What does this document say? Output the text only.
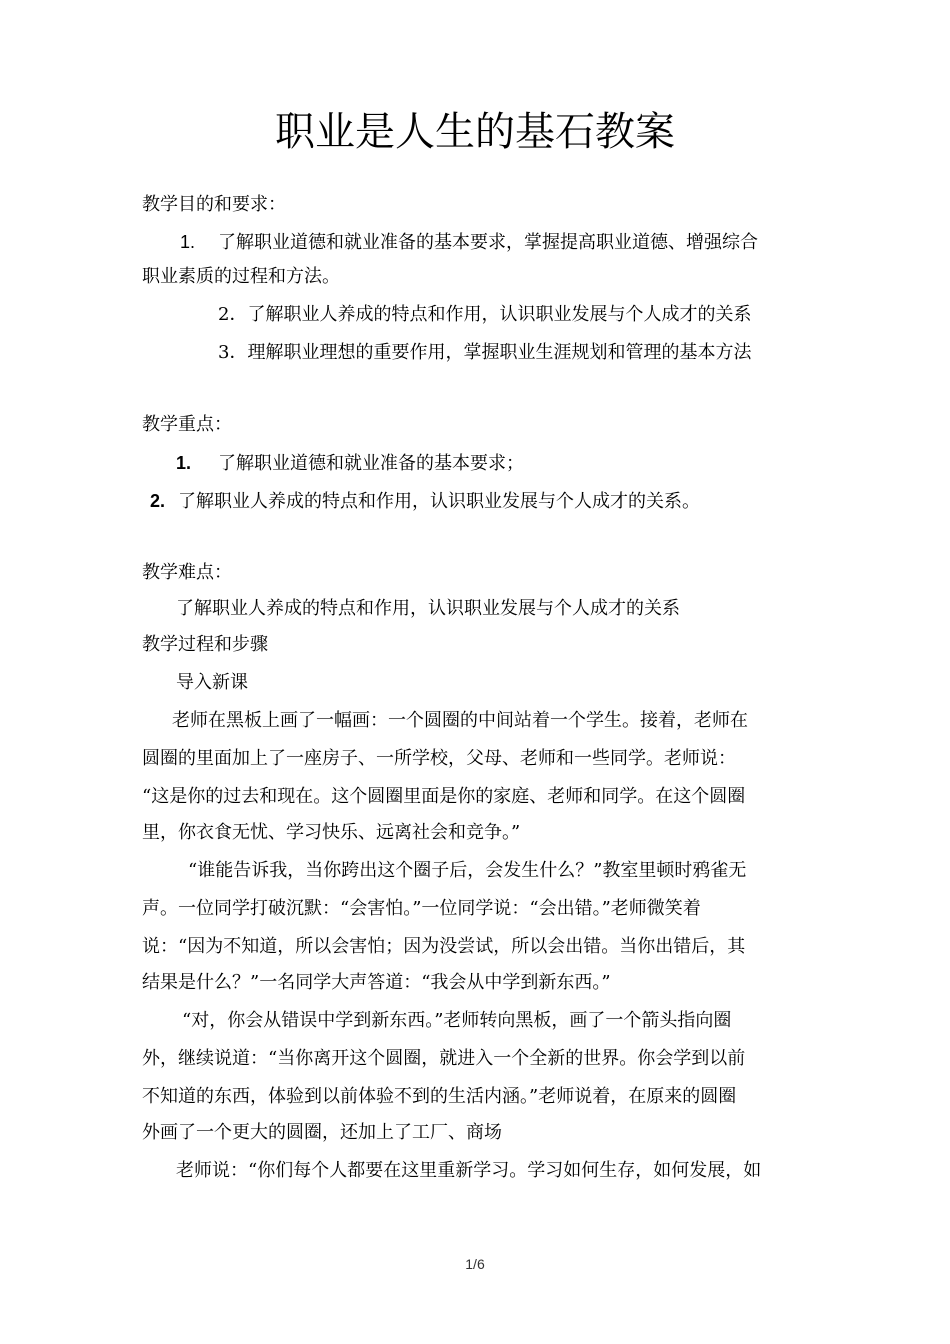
职业是人生的基石教案
教学目的和要求：
1. 了解职业道德和就业准备的基本要求，掌握提高职业道德、增强综合
职业素质的过程和方法。
2．了解职业人养成的特点和作用，认识职业发展与个人成才的关系
3．理解职业理想的重要作用，掌握职业生涯规划和管理的基本方法
教学重点：
1. 了解职业道德和就业准备的基本要求；
2. 了解职业人养成的特点和作用，认识职业发展与个人成才的关系。
教学难点：
了解职业人养成的特点和作用，认识职业发展与个人成才的关系
教学过程和步骤
导入新课
老师在黑板上画了一幅画：一个圆圈的中间站着一个学生。接着，老师在
圆圈的里面加上了一座房子、一所学校，父母、老师和一些同学。老师说：
“这是你的过去和现在。这个圆圈里面是你的家庭、老师和同学。在这个圆圈
里，你衣食无忧、学习快乐、远离社会和竞争。”
“谁能告诉我，当你跨出这个圈子后，会发生什么？”教室里顿时鸦雀无
声。一位同学打破沉默：“会害怕。”一位同学说：“会出错。”老师微笑着
说：“因为不知道，所以会害怕；因为没尝试，所以会出错。当你出错后，其
结果是什么？”一名同学大声答道：“我会从中学到新东西。”
“对，你会从错误中学到新东西。”老师转向黑板，画了一个箭头指向圈
外，继续说道：“当你离开这个圆圈，就进入一个全新的世界。你会学到以前
不知道的东西，体验到以前体验不到的生活内涵。”老师说着，在原来的圆圈
外画了一个更大的圆圈，还加上了工厂、商场
老师说：“你们每个人都要在这里重新学习。学习如何生存，如何发展，如
1/6
